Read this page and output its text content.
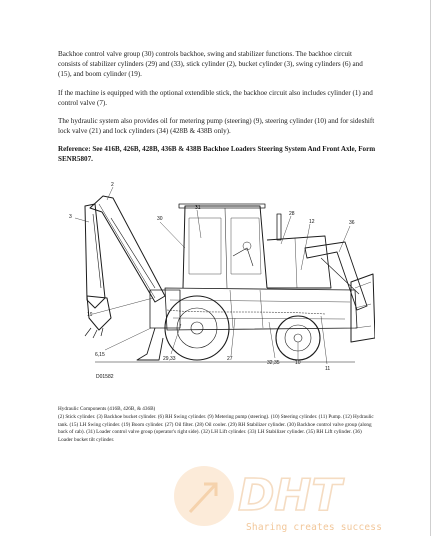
Backhoe control valve group (30) controls backhoe, swing and stabilizer functions. The backhoe circuit consists of stabilizer cylinders (29) and (33), stick cylinder (2), bucket cylinder (3), swing cylinders (6) and (15), and boom cylinder (19).

If the machine is equipped with the optional extendible stick, the backhoe circuit also includes cylinder (1) and control valve (7).

The hydraulic system also provides oil for metering pump (steering) (9), steering cylinder (10) and for sideshift lock valve (21) and lock cylinders (34) (428B & 438B only).

Reference: See 416B, 426B, 428B, 436B & 438B Backhoe Loaders Steering System And Front Axle, Form SENR5807.

2
3	30
31
28
12	36
19
6,15
29,33	27
32,35	10
11
D01582

Hydraulic Components (416B, 426B, & 436B)
(2) Stick cylinder. (3) Backhoe bucket cylinder. (6) RH Swing cylinder. (9) Metering pump (steering). (10) Steering cylinder. (11) Pump. (12) Hydraulic tank. (15) LH Swing cylinder. (19) Boom cylinder. (27) Oil filter. (28) Oil cooler. (29) RH Stabilizer cylinder. (30) Backhoe control valve group (along back of cab). (31) Loader control valve group (operator's right side). (32) LH Lift cylinder. (33) LH Stabilizer cylinder. (35) RH Lift cylinder. (36) Loader bucket tilt cylinder.

DHT
Sharing creates success
